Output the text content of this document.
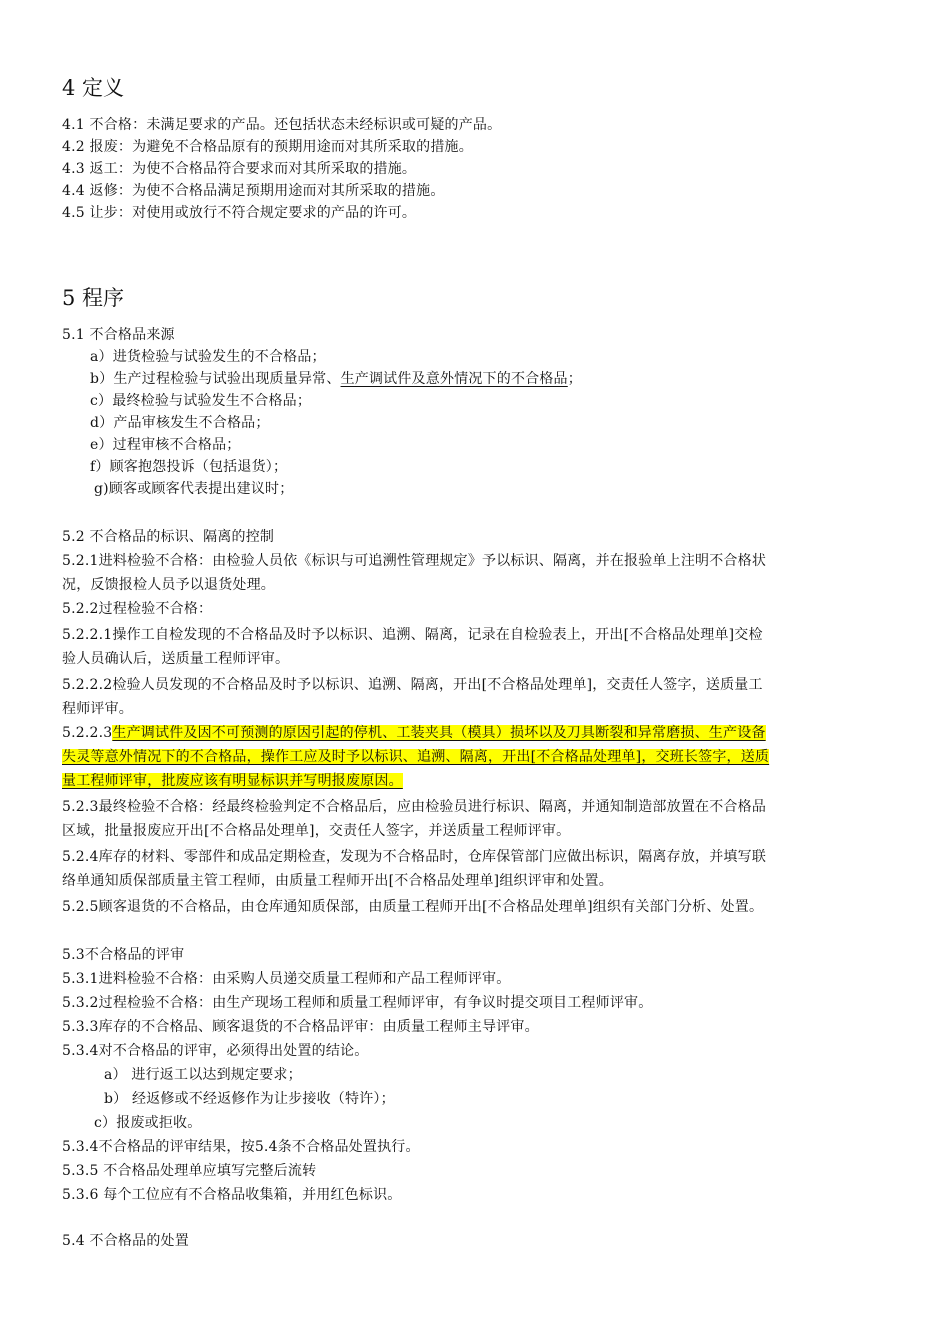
4 定义
4.1 不合格：未满足要求的产品。还包括状态未经标识或可疑的产品。
4.2 报废：为避免不合格品原有的预期用途而对其所采取的措施。
4.3 返工：为使不合格品符合要求而对其所采取的措施。
4.4 返修：为使不合格品满足预期用途而对其所采取的措施。
4.5 让步：对使用或放行不符合规定要求的产品的许可。
5 程序
5.1 不合格品来源
a）进货检验与试验发生的不合格品；
b）生产过程检验与试验出现质量异常、生产调试件及意外情况下的不合格品；
c）最终检验与试验发生不合格品；
d）产品审核发生不合格品；
e）过程审核不合格品；
f）顾客抱怨投诉（包括退货）；
g)顾客或顾客代表提出建议时；
5.2 不合格品的标识、隔离的控制
5.2.1进料检验不合格：由检验人员依《标识与可追溯性管理规定》予以标识、隔离，并在报验单上注明不合格状
况，反馈报检人员予以退货处理。
5.2.2过程检验不合格：
5.2.2.1操作工自检发现的不合格品及时予以标识、追溯、隔离，记录在自检验表上，开出[不合格品处理单]交检
验人员确认后，送质量工程师评审。
5.2.2.2检验人员发现的不合格品及时予以标识、追溯、隔离，开出[不合格品处理单]，交责任人签字，送质量工
程师评审。
5.2.2.3生产调试件及因不可预测的原因引起的停机、工装夹具（模具）损坏以及刀具断裂和异常磨损、生产设备
失灵等意外情况下的不合格品，操作工应及时予以标识、追溯、隔离，开出[不合格品处理单]，交班长签字，送质
量工程师评审，批废应该有明显标识并写明报废原因。
5.2.3最终检验不合格：经最终检验判定不合格品后，应由检验员进行标识、隔离，并通知制造部放置在不合格品
区域，批量报废应开出[不合格品处理单]，交责任人签字，并送质量工程师评审。
5.2.4库存的材料、零部件和成品定期检查，发现为不合格品时，仓库保管部门应做出标识，隔离存放，并填写联
络单通知质保部质量主管工程师，由质量工程师开出[不合格品处理单]组织评审和处置。
5.2.5顾客退货的不合格品，由仓库通知质保部，由质量工程师开出[不合格品处理单]组织有关部门分析、处置。
5.3不合格品的评审
5.3.1进料检验不合格：由采购人员递交质量工程师和产品工程师评审。
5.3.2过程检验不合格：由生产现场工程师和质量工程师评审，有争议时提交项目工程师评审。
5.3.3库存的不合格品、顾客退货的不合格品评审：由质量工程师主导评审。
5.3.4对不合格品的评审，必须得出处置的结论。
a） 进行返工以达到规定要求；
b） 经返修或不经返修作为让步接收（特许）；
c）报废或拒收。
5.3.4不合格品的评审结果，按5.4条不合格品处置执行。
5.3.5 不合格品处理单应填写完整后流转
5.3.6 每个工位应有不合格品收集箱，并用红色标识。
5.4 不合格品的处置
